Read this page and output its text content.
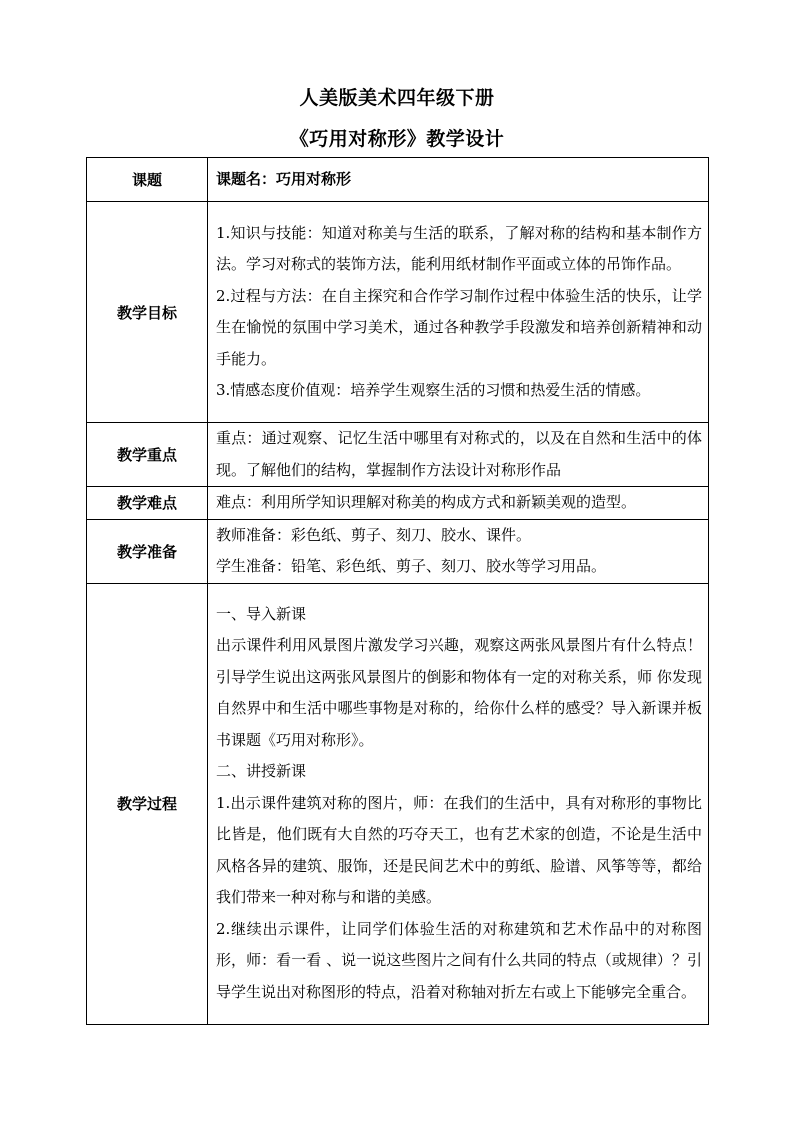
人美版美术四年级下册
《巧用对称形》教学设计
课题	课题名：巧用对称形

教学目标	1.知识与技能：知道对称美与生活的联系，了解对称的结构和基本制作方法。学习对称式的装饰方法，能利用纸材制作平面或立体的吊饰作品。

2.过程与方法：在自主探究和合作学习制作过程中体验生活的快乐，让学生在愉悦的氛围中学习美术，通过各种教学手段激发和培养创新精神和动手能力。

3.情感态度价值观：培养学生观察生活的习惯和热爱生活的情感。

教学重点	重点：通过观察、记忆生活中哪里有对称式的，以及在自然和生活中的体现。了解他们的结构，掌握制作方法设计对称形作品

教学难点	难点：利用所学知识理解对称美的构成方式和新颖美观的造型。

教学准备	教师准备：彩色纸、剪子、刻刀、胶水、课件。

学生准备：铅笔、彩色纸、剪子、刻刀、胶水等学习用品。

教学过程	一、导入新课

出示课件利用风景图片激发学习兴趣，观察这两张风景图片有什么特点！引导学生说出这两张风景图片的倒影和物体有一定的对称关系，师 你发现自然界中和生活中哪些事物是对称的，给你什么样的感受？导入新课并板书课题《巧用对称形》。

二、讲授新课

1.出示课件建筑对称的图片，师：在我们的生活中，具有对称形的事物比比皆是，他们既有大自然的巧夺天工，也有艺术家的创造，不论是生活中风格各异的建筑、服饰，还是民间艺术中的剪纸、脸谱、风筝等等，都给我们带来一种对称与和谐的美感。

2.继续出示课件，让同学们体验生活的对称建筑和艺术作品中的对称图形，师：看一看 、说一说这些图片之间有什么共同的特点（或规律）？引导学生说出对称图形的特点，沿着对称轴对折左右或上下能够完全重合。
